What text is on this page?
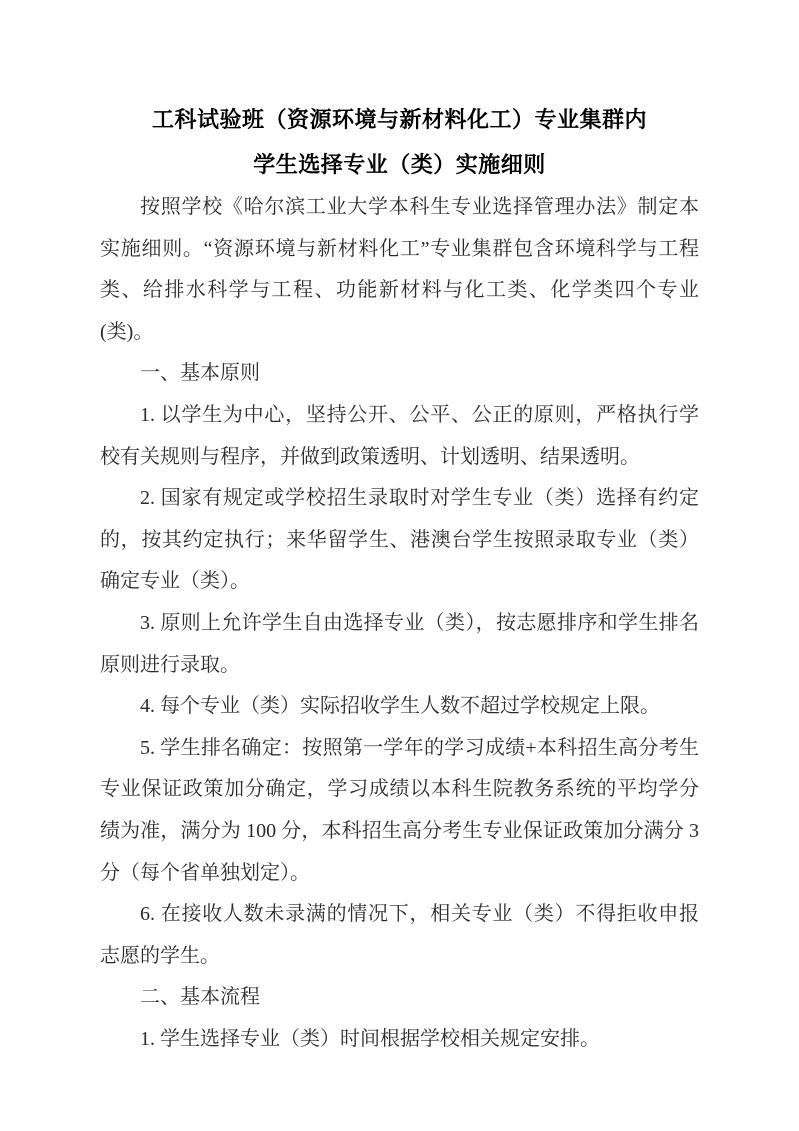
工科试验班（资源环境与新材料化工）专业集群内
学生选择专业（类）实施细则

按照学校《哈尔滨工业大学本科生专业选择管理办法》制定本实施细则。“资源环境与新材料化工”专业集群包含环境科学与工程类、给排水科学与工程、功能新材料与化工类、化学类四个专业(类)。

一、基本原则

1. 以学生为中心，坚持公开、公平、公正的原则，严格执行学校有关规则与程序，并做到政策透明、计划透明、结果透明。

2. 国家有规定或学校招生录取时对学生专业（类）选择有约定的，按其约定执行；来华留学生、港澳台学生按照录取专业（类）确定专业（类）。

3. 原则上允许学生自由选择专业（类），按志愿排序和学生排名原则进行录取。

4. 每个专业（类）实际招收学生人数不超过学校规定上限。

5. 学生排名确定：按照第一学年的学习成绩+本科招生高分考生专业保证政策加分确定，学习成绩以本科生院教务系统的平均学分绩为准，满分为 100 分，本科招生高分考生专业保证政策加分满分 3 分（每个省单独划定）。

6. 在接收人数未录满的情况下，相关专业（类）不得拒收申报志愿的学生。

二、基本流程

1. 学生选择专业（类）时间根据学校相关规定安排。
